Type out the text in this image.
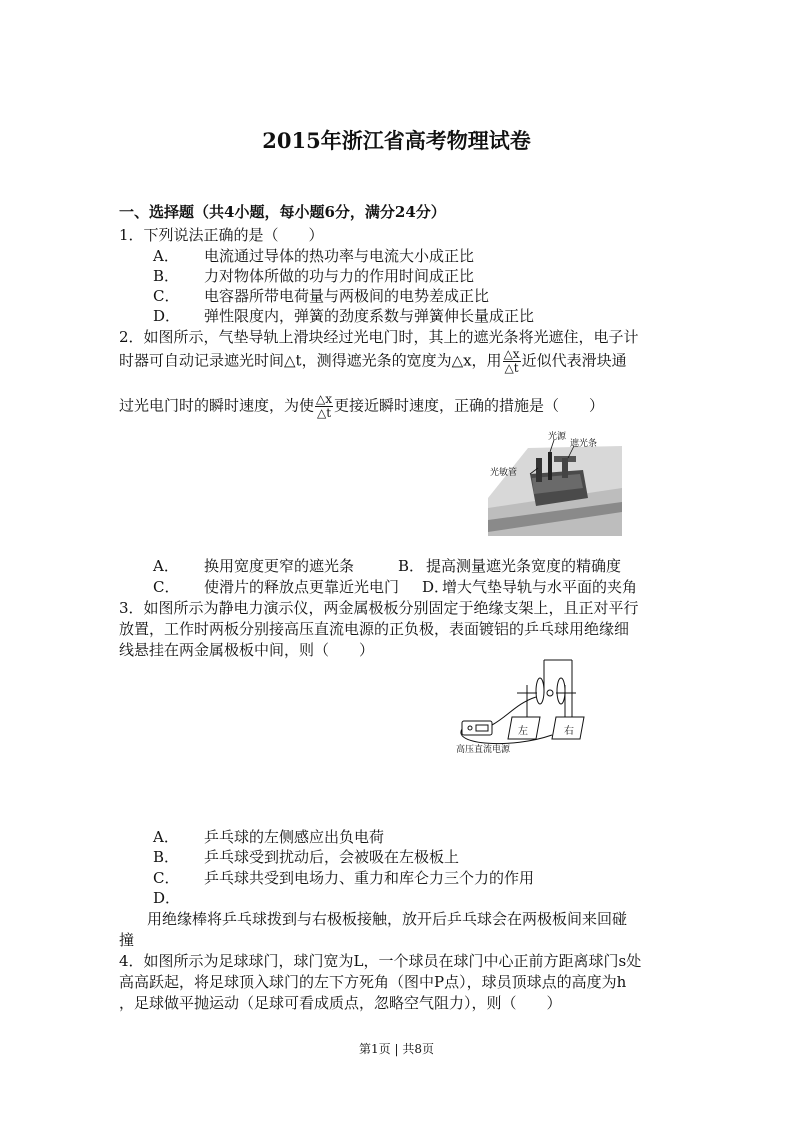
2015年浙江省高考物理试卷
一、选择题（共4小题，每小题6分，满分24分）
1．下列说法正确的是（　　）
A． 电流通过导体的热功率与电流大小成正比
B． 力对物体所做的功与力的作用时间成正比
C． 电容器所带电荷量与两极间的电势差成正比
D． 弹性限度内，弹簧的劲度系数与弹簧伸长量成正比
2．如图所示，气垫导轨上滑块经过光电门时，其上的遮光条将光遮住，电子计
时器可自动记录遮光时间△t，测得遮光条的宽度为△x，用 $\frac{\triangle x}{\triangle t}$ 近似代表滑块通
过光电门时的瞬时速度，为使 $\frac{\triangle x}{\triangle t}$ 更接近瞬时速度，正确的措施是（　　）
光源
遮光条
光敏管
A． 换用宽度更窄的遮光条	B． 提高测量遮光条宽度的精确度
C． 使滑片的释放点更靠近光电门 D．
增大气垫导轨与水平面的夹角
3．如图所示为静电力演示仪，两金属极板分别固定于绝缘支架上，且正对平行
放置，工作时两板分别接高压直流电源的正负极，表面镀铝的乒乓球用绝缘细
线悬挂在两金属极板中间，则（　　）
左	右
高压直流电源
A． 乒乓球的左侧感应出负电荷
B． 乒乓球受到扰动后，会被吸在左极板上
C． 乒乓球共受到电场力、重力和库仑力三个力的作用
D．
用绝缘棒将乒乓球拨到与右极板接触，放开后乒乓球会在两极板间来回碰
撞
4．如图所示为足球球门，球门宽为L，一个球员在球门中心正前方距离球门s处
高高跃起，将足球顶入球门的左下方死角（图中P点），球员顶球点的高度为h
，足球做平抛运动（足球可看成质点，忽略空气阻力），则（　　）
第1页 | 共8页
